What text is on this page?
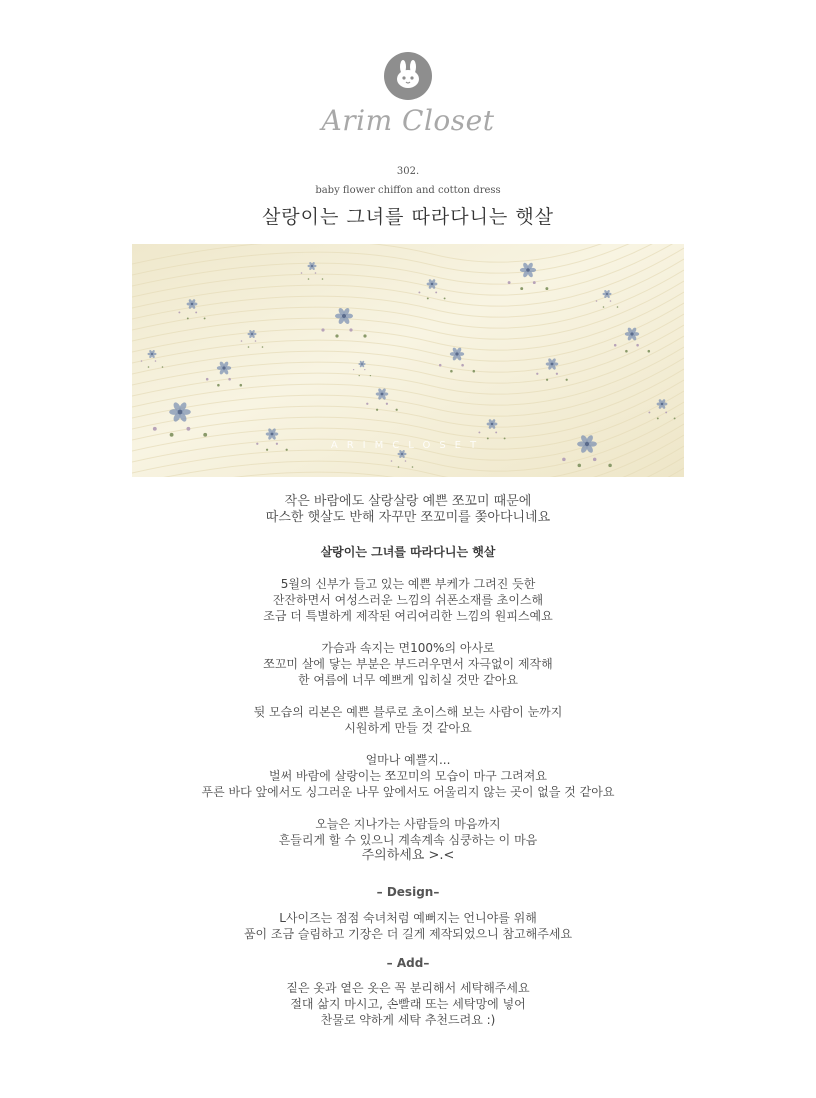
Arim Closet
302.
baby flower chiffon and cotton dress
살랑이는 그녀를 따라다니는 햇살
ARIMCLOSET

작은 바람에도 살랑살랑 예쁜 쪼꼬미 때문에

따스한 햇살도 반해 자꾸만 쪼꼬미를 쫒아다니네요

살랑이는 그녀를 따라다니는 햇살

5월의 신부가 들고 있는 예쁜 부케가 그려진 듯한

잔잔하면서 여성스러운 느낌의 쉬폰소재를 초이스해

조금 더 특별하게 제작된 여리여리한 느낌의 원피스예요

가슴과 속지는 면100%의 아사로

쪼꼬미 살에 닿는 부분은 부드러우면서 자극없이 제작해

한 여름에 너무 예쁘게 입히실 것만 같아요

뒷 모습의 리본은 예쁜 블루로 초이스해 보는 사람이 눈까지

시원하게 만들 것 같아요

얼마나 예쁠지...

벌써 바람에 살랑이는 쪼꼬미의 모습이 마구 그려져요

푸른 바다 앞에서도 싱그러운 나무 앞에서도 어울리지 않는 곳이 없을 것 같아요

오늘은 지나가는 사람들의 마음까지

흔들리게 할 수 있으니 계속계속 심쿵하는 이 마음

주의하세요 >.<

– Design–

L사이즈는 점점 숙녀처럼 예뻐지는 언니야를 위해

품이 조금 슬림하고 기장은 더 길게 제작되었으니 참고해주세요

– Add–

짙은 옷과 옅은 옷은 꼭 분리해서 세탁해주세요

절대 삶지 마시고, 손빨래 또는 세탁망에 넣어

찬물로 약하게 세탁 추천드려요 :)
